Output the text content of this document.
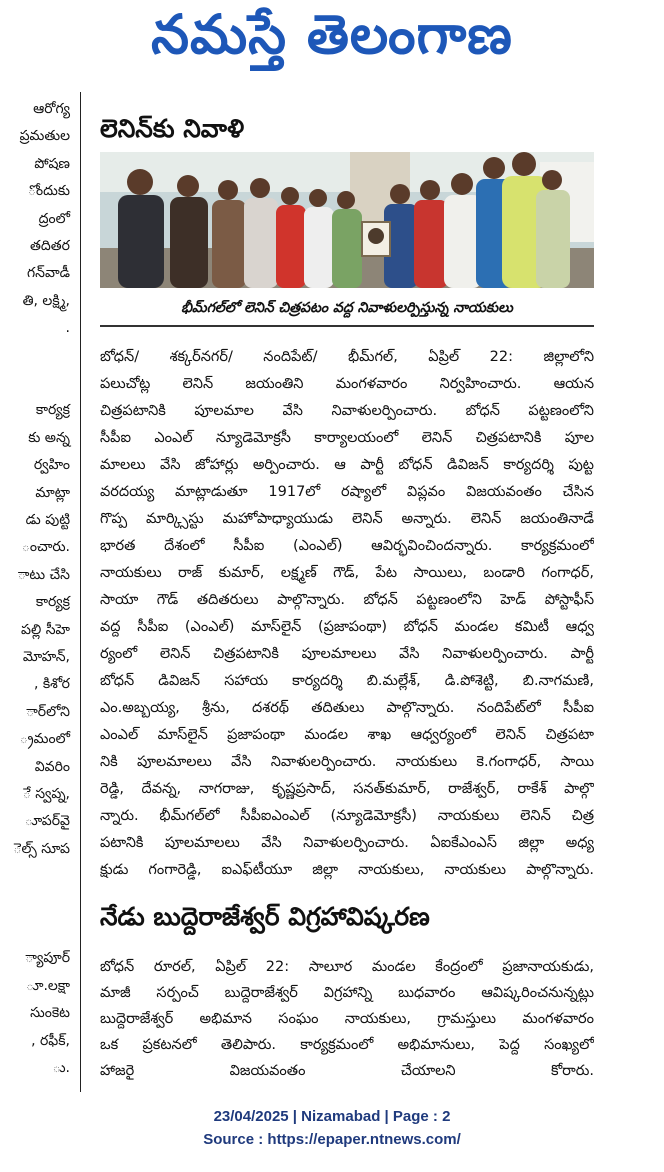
నమస్తే తెలంగాణ
ఆరోగ్య
ప్రమతుల
పోషణ
ోందుకు
ద్రంలో
తదితర
గన్‌వాడీ
తి, లక్ష్మి,
.
కార్యక్ర
కు అన్న
ర్వహిం
మాట్లా
డు పుట్టి
ంచారు.
ాటు చేసి
కార్యక్ర
పల్లి సీహె
మోహన్,
, కిశోర
ార్‌లోని
్రమంలో
వివరిం
ే స్వప్న,
ూపర్‌వై
ెల్స్ సూప
్యాపూర్
ూ.లక్షా
సుంకెట
, రఫీక్,
ు.
లెనిన్‌కు నివాళి
భీమ్‌గల్‌లో లెనిన్ చిత్రపటం వద్ద నివాళులర్పిస్తున్న నాయకులు
బోధన్/ శక్కర్‌నగర్/ నందిపేట్/ భీమ్‌గల్, ఏప్రిల్ 22: జిల్లాలోని
పలుచోట్ల లెనిన్ జయంతిని మంగళవారం నిర్వహించారు. ఆయన
చిత్రపటానికి పూలమాల వేసి నివాళులర్పించారు. బోధన్ పట్టణంలోని
సీపీఐ ఎంఎల్ న్యూడెమోక్రసీ కార్యాలయంలో లెనిన్ చిత్రపటానికి పూల
మాలలు వేసి జోహార్లు అర్పించారు. ఆ పార్టీ బోధన్ డివిజన్ కార్యదర్శి పుట్ట
వరదయ్య మాట్లాడుతూ 1917లో రష్యాలో విప్లవం విజయవంతం చేసిన
గొప్ప మార్క్సిస్టు మహోపాధ్యాయుడు లెనిన్ అన్నారు. లెనిన్ జయంతినాడే
భారత దేశంలో సీపీఐ (ఎంఎల్) ఆవిర్భవించిందన్నారు. కార్యక్రమంలో
నాయకులు రాజ్ కుమార్, లక్ష్మణ్ గౌడ్, పేట సాయిలు, బండారి గంగాధర్,
సాయా గౌడ్ తదితరులు పాల్గొన్నారు. బోధన్ పట్టణంలోని హెడ్ పోస్టాఫీస్
వద్ద సీపీఐ (ఎంఎల్) మాస్‌లైన్ (ప్రజాపంథా) బోధన్ మండల కమిటీ ఆధ్వ
ర్యంలో లెనిన్ చిత్రపటానికి పూలమాలలు వేసి నివాళులర్పించారు. పార్టీ
బోధన్ డివిజన్ సహాయ కార్యదర్శి బి.మల్లేశ్, డి.పోశెట్టి, బి.నాగమణి,
ఎం.అబ్బయ్య, శ్రీను, దశరథ్ తదితులు పాల్గొన్నారు. నందిపేట్‌లో సీపీఐ
ఎంఎల్ మాస్‌లైన్ ప్రజాపంథా మండల శాఖ ఆధ్వర్యంలో లెనిన్ చిత్రపటా
నికి పూలమాలలు వేసి నివాళులర్పించారు. నాయకులు కె.గంగాధర్, సాయి
రెడ్డి, దేవన్న, నాగరాజు, కృష్ణప్రసాద్, సనత్‌కుమార్, రాజేశ్వర్, రాకేశ్ పాల్గొ
న్నారు. భీమ్‌గల్‌లో సీపీఐఎంఎల్ (న్యూడెమోక్రసీ) నాయకులు లెనిన్ చిత్ర
పటానికి పూలమాలలు వేసి నివాళులర్పించారు. ఏఐకేఎంఎస్ జిల్లా అధ్య
క్షుడు గంగారెడ్డి, ఐఎఫ్‌టీయూ జిల్లా నాయకులు, నాయకులు పాల్గొన్నారు.
నేడు బుద్దెరాజేశ్వర్ విగ్రహావిష్కరణ
బోధన్ రూరల్, ఏప్రిల్ 22: సాలూర మండల కేంద్రంలో ప్రజానాయకుడు,
మాజీ సర్పంచ్ బుద్దెరాజేశ్వర్ విగ్రహాన్ని బుధవారం ఆవిష్కరించనున్నట్లు
బుద్దెరాజేశ్వర్ అభిమాన సంఘం నాయకులు, గ్రామస్తులు మంగళవారం
ఒక ప్రకటనలో తెలిపారు. కార్యక్రమంలో అభిమానులు, పెద్ద సంఖ్యలో
హాజరై విజయవంతం చేయాలని కోరారు.
23/04/2025 | Nizamabad | Page : 2
Source : https://epaper.ntnews.com/
